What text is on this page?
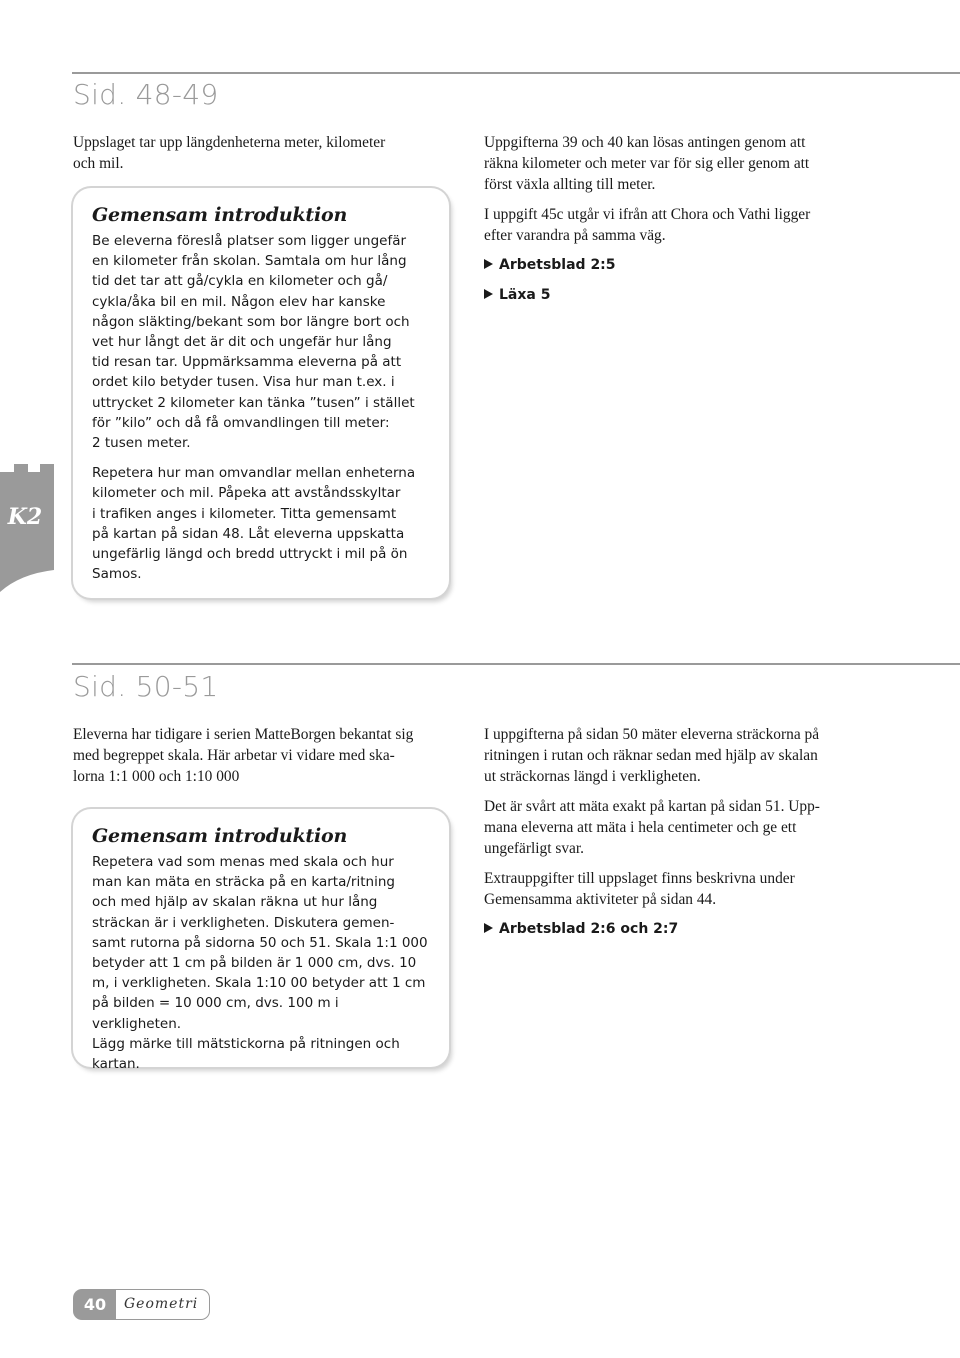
Sid. 48-49

Uppslaget tar upp längdenheterna meter, kilometer
och mil.

Gemensam introduktion

Be eleverna föreslå platser som ligger ungefär
en kilometer från skolan. Samtala om hur lång
tid det tar att gå/cykla en kilometer och gå/
cykla/åka bil en mil. Någon elev har kanske
någon släkting/bekant som bor längre bort och
vet hur långt det är dit och ungefär hur lång
tid resan tar. Uppmärksamma eleverna på att
ordet kilo betyder tusen. Visa hur man t.ex. i
uttrycket 2 kilometer kan tänka ”tusen” i stället
för ”kilo” och då få omvandlingen till meter:
2 tusen meter.

Repetera hur man omvandlar mellan enheterna
kilometer och mil. Påpeka att avståndsskyltar
i trafiken anges i kilometer. Titta gemensamt
på kartan på sidan 48. Låt eleverna uppskatta
ungefärlig längd och bredd uttryckt i mil på ön
Samos.

Uppgifterna 39 och 40 kan lösas antingen genom att
räkna kilometer och meter var för sig eller genom att
först växla allting till meter.

I uppgift 45c utgår vi ifrån att Chora och Vathi ligger
efter varandra på samma väg.

Arbetsblad 2:5

Läxa 5

K2
Sid. 50-51

Eleverna har tidigare i serien MatteBorgen bekantat sig
med begreppet skala. Här arbetar vi vidare med ska-
lorna 1:1 000 och 1:10 000

Gemensam introduktion

Repetera vad som menas med skala och hur
man kan mäta en sträcka på en karta/ritning
och med hjälp av skalan räkna ut hur lång
sträckan är i verkligheten. Diskutera gemen-
samt rutorna på sidorna 50 och 51. Skala 1:1 000
betyder att 1 cm på bilden är 1 000 cm, dvs. 10
m, i verkligheten. Skala 1:10 00 betyder att 1 cm
på bilden = 10 000 cm, dvs. 100 m i verkligheten.
Lägg märke till mätstickorna på ritningen och
kartan.

I uppgifterna på sidan 50 mäter eleverna sträckorna på
ritningen i rutan och räknar sedan med hjälp av skalan
ut sträckornas längd i verkligheten.

Det är svårt att mäta exakt på kartan på sidan 51. Upp-
mana eleverna att mäta i hela centimeter och ge ett
ungefärligt svar.

Extrauppgifter till uppslaget finns beskrivna under
Gemensamma aktiviteter på sidan 44.

Arbetsblad 2:6 och 2:7

40	Geometri
